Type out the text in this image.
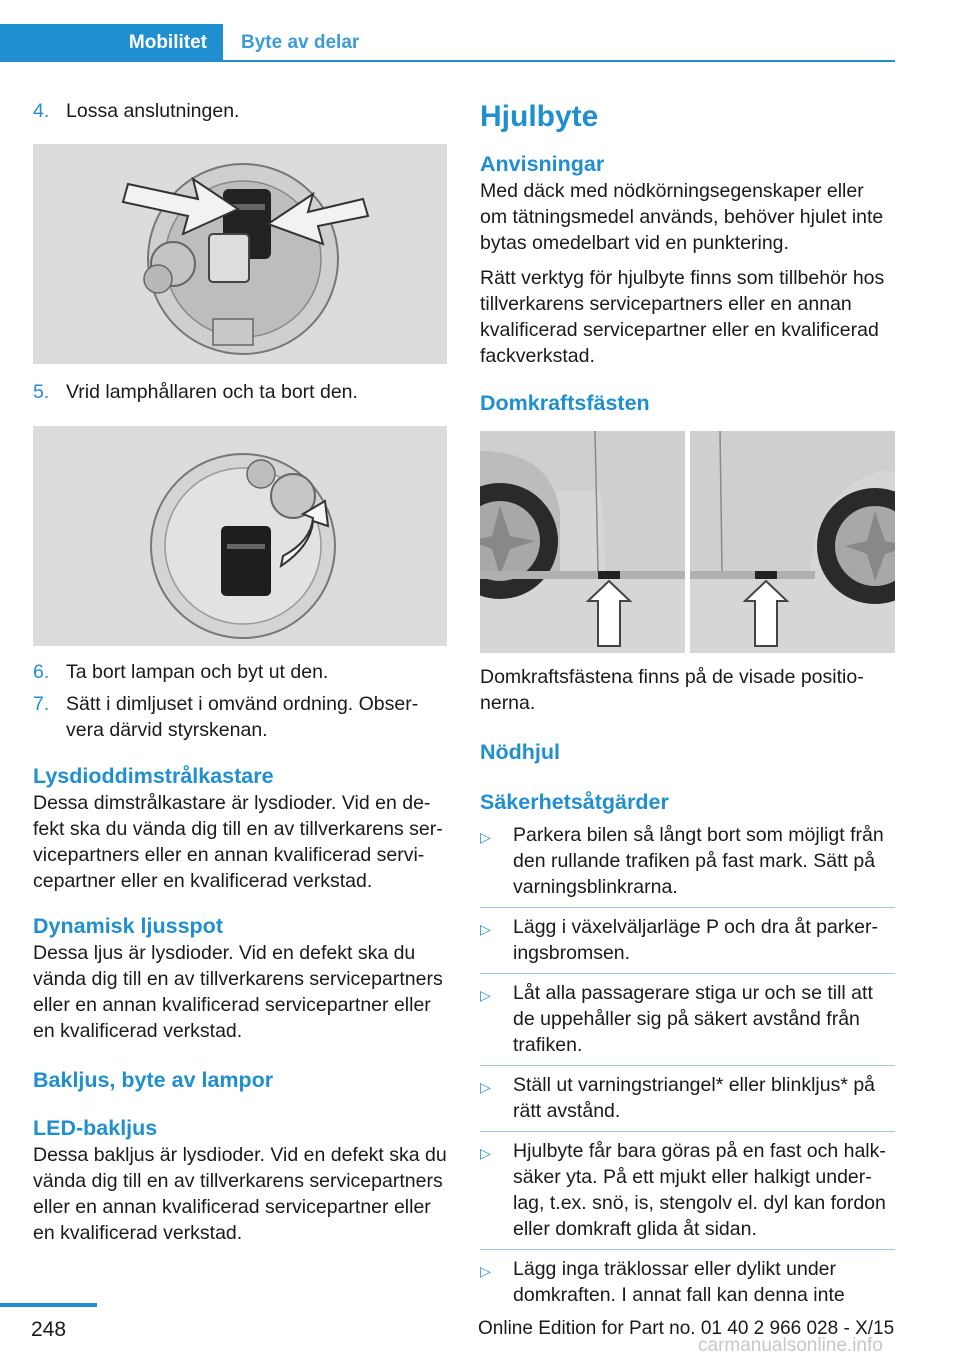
Mobilitet	Byte av delar
4. Lossa anslutningen.
5. Vrid lamphållaren och ta bort den.
6. Ta bort lampan och byt ut den.
7. Sätt i dimljuset i omvänd ordning. Observera därvid styrskenan.
Lysdioddimstrålkastare

Dessa dimstrålkastare är lysdioder. Vid en defekt ska du vända dig till en av tillverkarens servicepartners eller en annan kvalificerad servicepartner eller en kvalificerad verkstad.

Dynamisk ljusspot

Dessa ljus är lysdioder. Vid en defekt ska du vända dig till en av tillverkarens servicepartners eller en annan kvalificerad servicepartner eller en kvalificerad verkstad.

Bakljus, byte av lampor
LED-bakljus

Dessa bakljus är lysdioder. Vid en defekt ska du vända dig till en av tillverkarens servicepartners eller en annan kvalificerad servicepartner eller en kvalificerad verkstad.

Hjulbyte
Anvisningar

Med däck med nödkörningsegenskaper eller om tätningsmedel används, behöver hjulet inte bytas omedelbart vid en punktering.

Rätt verktyg för hjulbyte finns som tillbehör hos tillverkarens servicepartners eller en annan kvalificerad servicepartner eller en kvalificerad fackverkstad.

Domkraftsfästen

Domkraftsfästena finns på de visade positionerna.

Nödhjul
Säkerhetsåtgärder
▷	Parkera bilen så långt bort som möjligt från den rullande trafiken på fast mark. Sätt på varningsblinkrarna.
▷	Lägg i växelväljarläge P och dra åt parkeringsbromsen.
▷	Låt alla passagerare stiga ur och se till att de uppehåller sig på säkert avstånd från trafiken.
▷	Ställ ut varningstriangel* eller blinkljus* på rätt avstånd.
▷	Hjulbyte får bara göras på en fast och halksäker yta. På ett mjukt eller halkigt underlag, t.ex. snö, is, stengolv el. dyl kan fordon eller domkraft glida åt sidan.
▷	Lägg inga träklossar eller dylikt under domkraften. I annat fall kan denna inte
248	Online Edition for Part no. 01 40 2 966 028 - X/15
carmanualsonline.info
